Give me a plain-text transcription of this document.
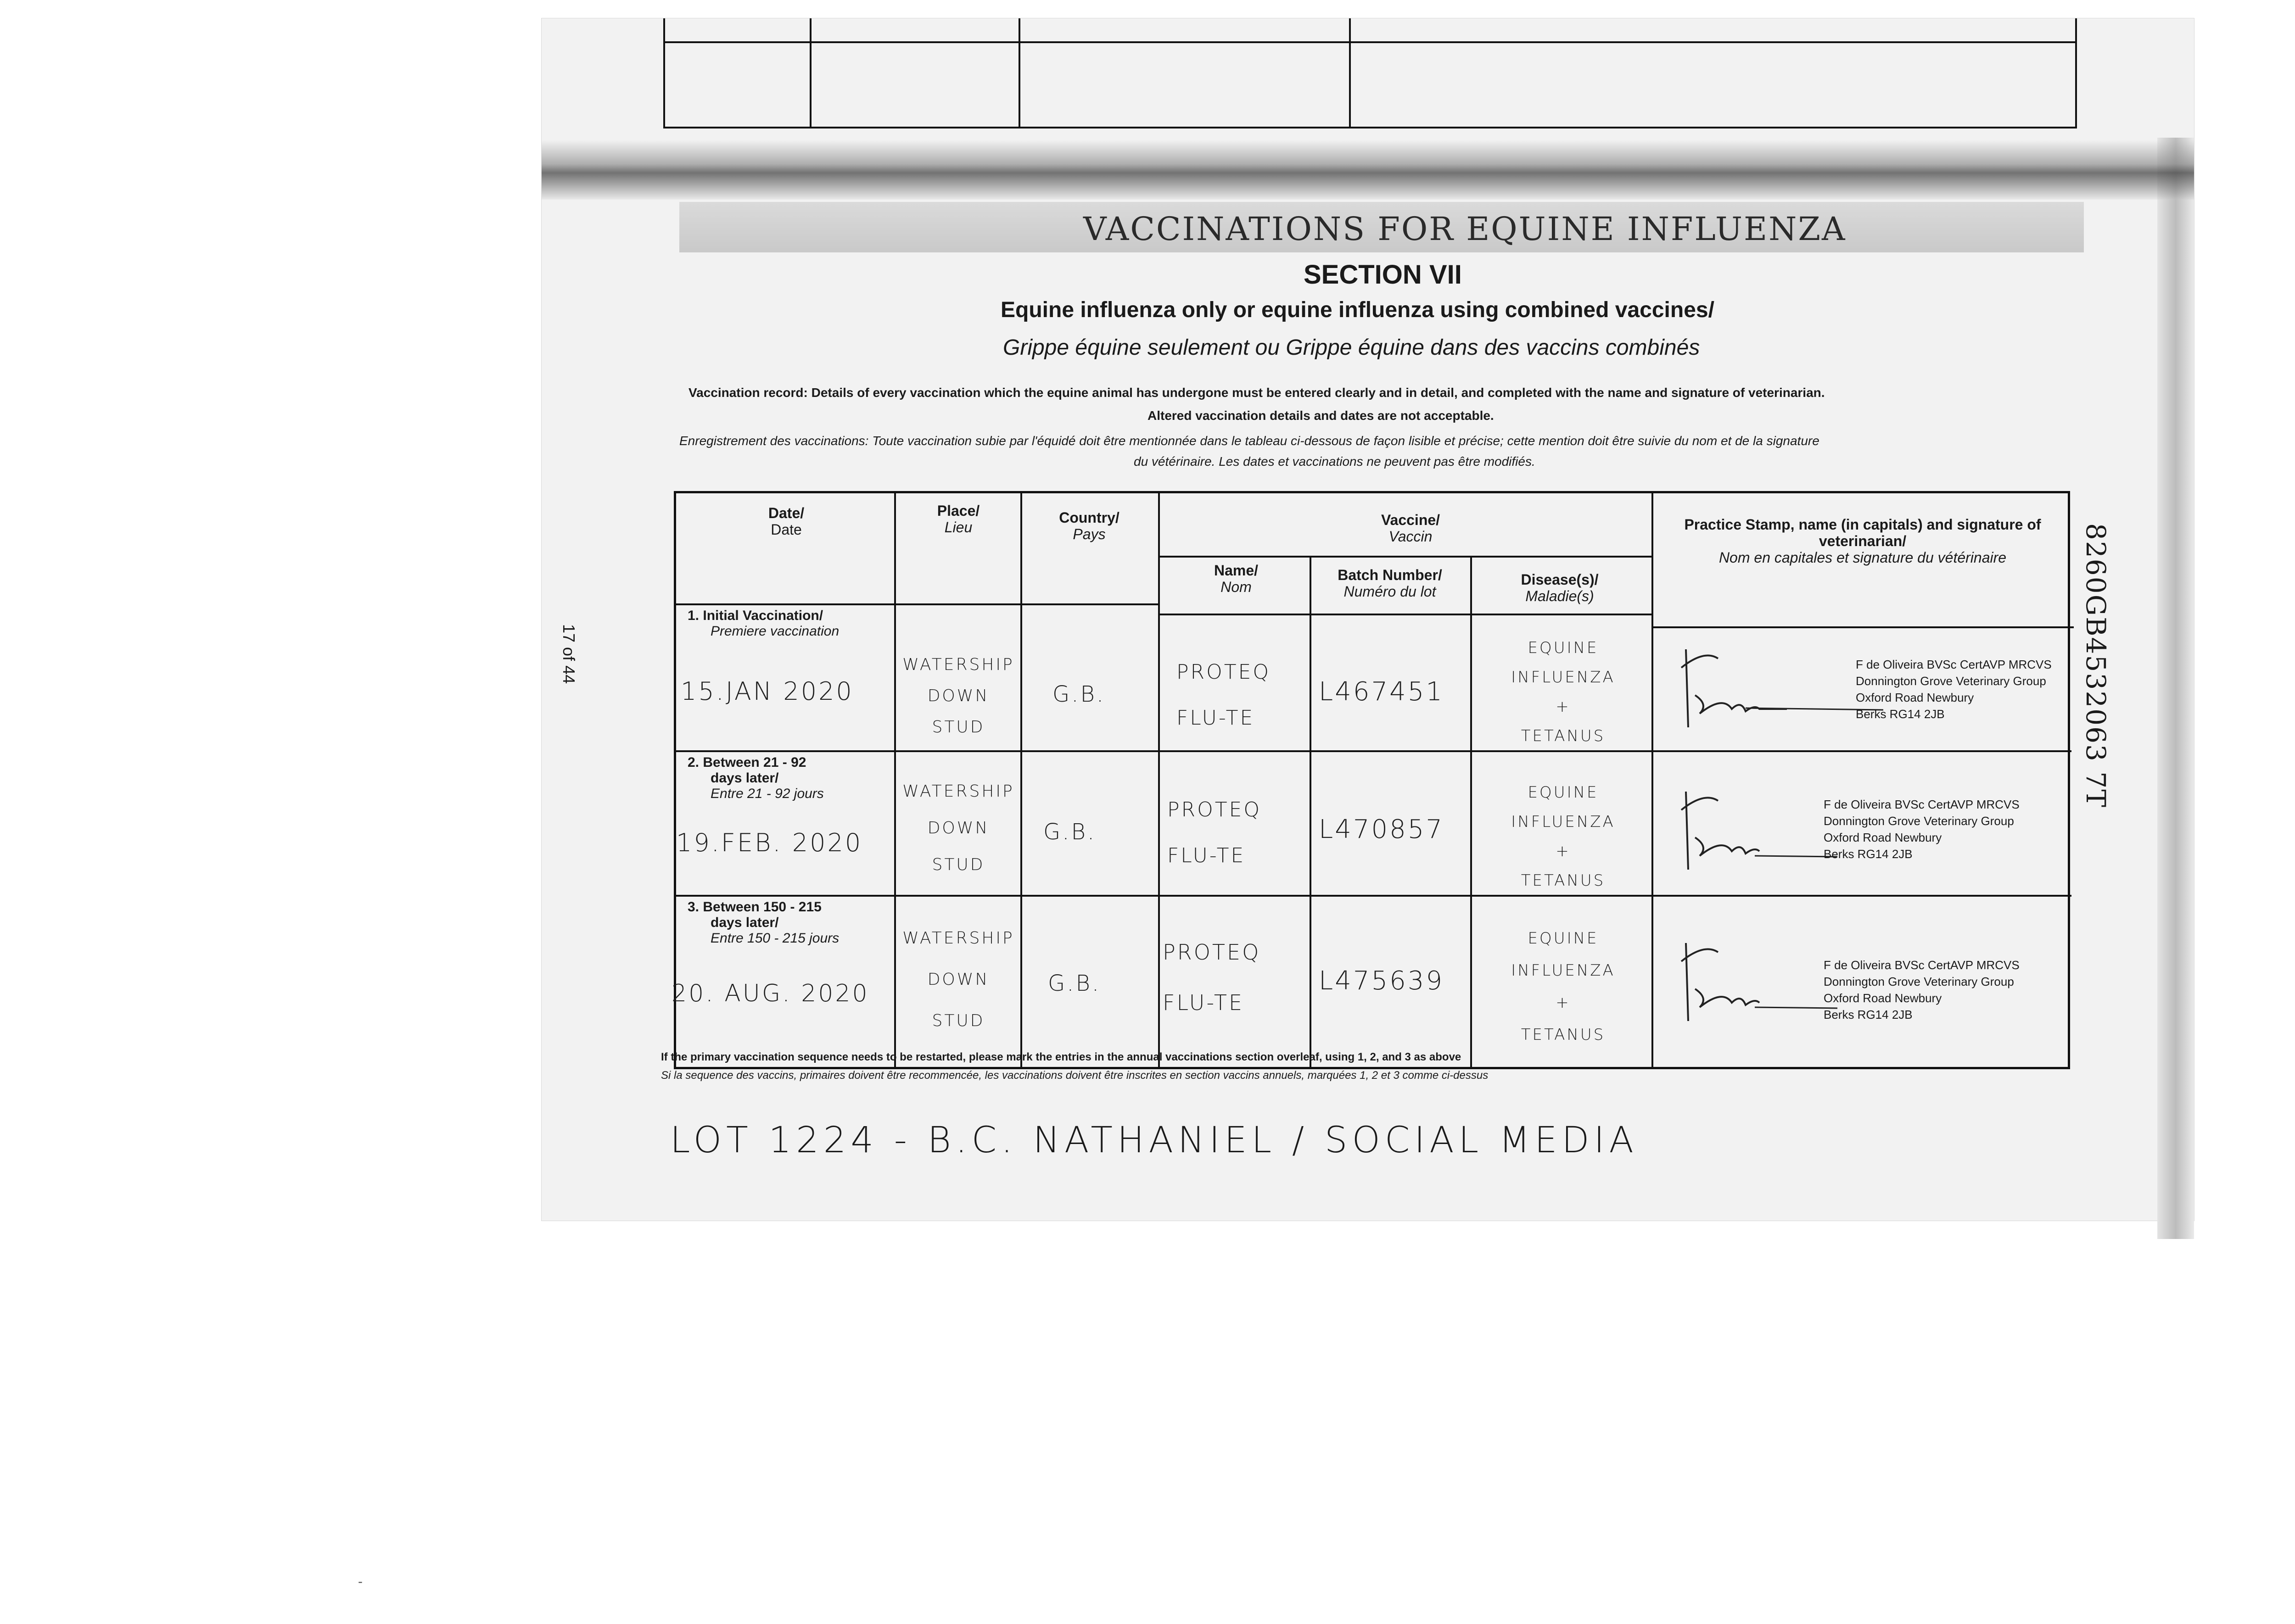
VACCINATIONS FOR EQUINE INFLUENZA
SECTION VII
Equine influenza only or equine influenza using combined vaccines/
Grippe équine seulement ou Grippe équine dans des vaccins combinés
Vaccination record: Details of every vaccination which the equine animal has undergone must be entered clearly and in detail, and completed with the name and signature of veterinarian.
Altered vaccination details and dates are not acceptable.
Enregistrement des vaccinations: Toute vaccination subie par l'équidé doit être mentionnée dans le tableau ci-dessous de façon lisible et précise; cette mention doit être suivie du nom et de la signature
du vétérinaire. Les dates et vaccinations ne peuvent pas être modifiés.
17 of 44	8260GB4532063 7T
Date/
Date
Place/
Lieu
Country/
Pays
Vaccine/
Vaccin
Name/
Nom
Batch Number/
Numéro du lot
Disease(s)/
Maladie(s)
Practice Stamp, name (in capitals) and signature of
veterinarian/
Nom en capitales et signature du vétérinaire
1. Initial Vaccination/
Premiere vaccination
15.JAN 2020
WATERSHIP
DOWN
STUD
G.B.
PROTEQ
FLU-TE
L467451
EQUINE
INFLUENZA
+
TETANUS
F de Oliveira BVSc CertAVP MRCVS
Donnington Grove Veterinary Group
Oxford Road Newbury
Berks RG14 2JB
2. Between 21 - 92
days later/
Entre 21 - 92 jours
19.FEB. 2020
WATERSHIP
DOWN
STUD
G.B.
PROTEQ
FLU-TE
L470857
EQUINE
INFLUENZA
+
TETANUS
F de Oliveira BVSc CertAVP MRCVS
Donnington Grove Veterinary Group
Oxford Road Newbury
Berks RG14 2JB
3. Between 150 - 215
days later/
Entre 150 - 215 jours
20. AUG. 2020
WATERSHIP
DOWN
STUD
G.B.
PROTEQ
FLU-TE
L475639
EQUINE
INFLUENZA
+
TETANUS
F de Oliveira BVSc CertAVP MRCVS
Donnington Grove Veterinary Group
Oxford Road Newbury
Berks RG14 2JB
If the primary vaccination sequence needs to be restarted, please mark the entries in the annual vaccinations section overleaf, using 1, 2, and 3 as above
Si la sequence des vaccins, primaires doivent être recommencée, les vaccinations doivent être inscrites en section vaccins annuels, marquées 1, 2 et 3 comme ci-dessus
LOT 1224 - B.C. NATHANIEL / SOCIAL MEDIA
-
